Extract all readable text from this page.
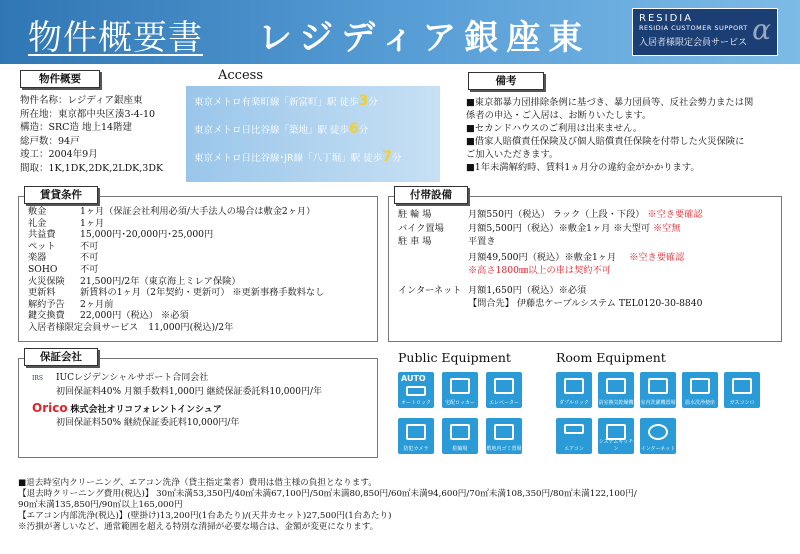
物件概要書 レジディア銀座東	α
RESIDIA
RESIDIA CUSTOMER SUPPORT
入居者様限定会員サービス
物件概要
物件名称：レジディア銀座東
所在地：東京都中央区湊3-4-10
構造：SRC造 地上14階建
総戸数：94戸
竣工：2004年9月
間取：1K,1DK,2DK,2LDK,3DK
Access
東京メトロ有楽町線「新富町」駅 徒歩3分
東京メトロ日比谷線「築地」駅 徒歩6分
東京メトロ日比谷線･JR線「八丁堀」駅 徒歩7分
備考
■東京都暴力団排除条例に基づき、暴力団員等、反社会勢力または関
係者の申込・ご入居は、お断りいたします。
■セカンドハウスのご利用は出来ません。
■借家人賠償責任保険及び個人賠償責任保険を付帯した火災保険に
ご加入いただきます。
■1年未満解約時、賃料1ヵ月分の違約金がかかります。
賃貸条件
敷金	1ヶ月（保証会社利用必須/大手法人の場合は敷金2ヶ月）
礼金	1ヶ月
共益費	15,000円･20,000円･25,000円
ペット	不可
楽器	不可
SOHO 不可
火災保険 21,500円/2年（東京海上ミレア保険）
更新料	新賃料の1ヶ月（2年契約・更新可） ※更新事務手数料なし
解約予告 2ヶ月前
鍵交換費 22,000円（税込） ※必須
入居者様限定会員サービス 11,000円(税込)/2年
付帯設備
駐 輪 場	月額550円（税込） ラック（上段・下段） ※空き要確認
バイク置場	月額5,500円（税込）※敷金1ヶ月 ※大型可 ※空無
駐 車 場	平置き
月額49,500円（税込）※敷金1ヶ月 ※空き要確認
※高さ1800㎜以上の車は契約不可
インターネット 月額1,650円（税込）※必須
【問合先】 伊藤忠ケーブルシステム TEL0120-30-8840
保証会社
IRS IUCレジデンシャルサポート合同会社
初回保証料40% 月額手数料1,000円 継続保証委託料10,000円/年
Orico 株式会社オリコフォレントインシュア
初回保証料50% 継続保証委託料10,000円/年
Public Equipment
AUTO
オートロック	宅配ロッカー	エレベーター
防犯カメラ	駐輪場	敷地内ゴミ置場
Room Equipment
ダブルロック	浴室換気乾燥機 室内洗濯機置場	温水洗浄便座	ガスコンロ
エアコン
システムキッチン	インターネット
■退去時室内クリーニング、エアコン洗浄（貸主指定業者）費用は借主様の負担となります。
【退去時クリーニング費用(税込)】 30㎡未満53,350円/40㎡未満67,100円/50㎡未満80,850円/60㎡未満94,600円/70㎡未満108,350円/80㎡未満122,100円/
90㎡未満135,850円/90㎡以上165,000円
【エアコン内部洗浄(税込)】(壁掛け)13,200円(1台あたり)/(天井カセット)27,500円(1台あたり)
※汚損が著しいなど、通常範囲を超える特別な清掃が必要な場合は、金額が変更になります。
